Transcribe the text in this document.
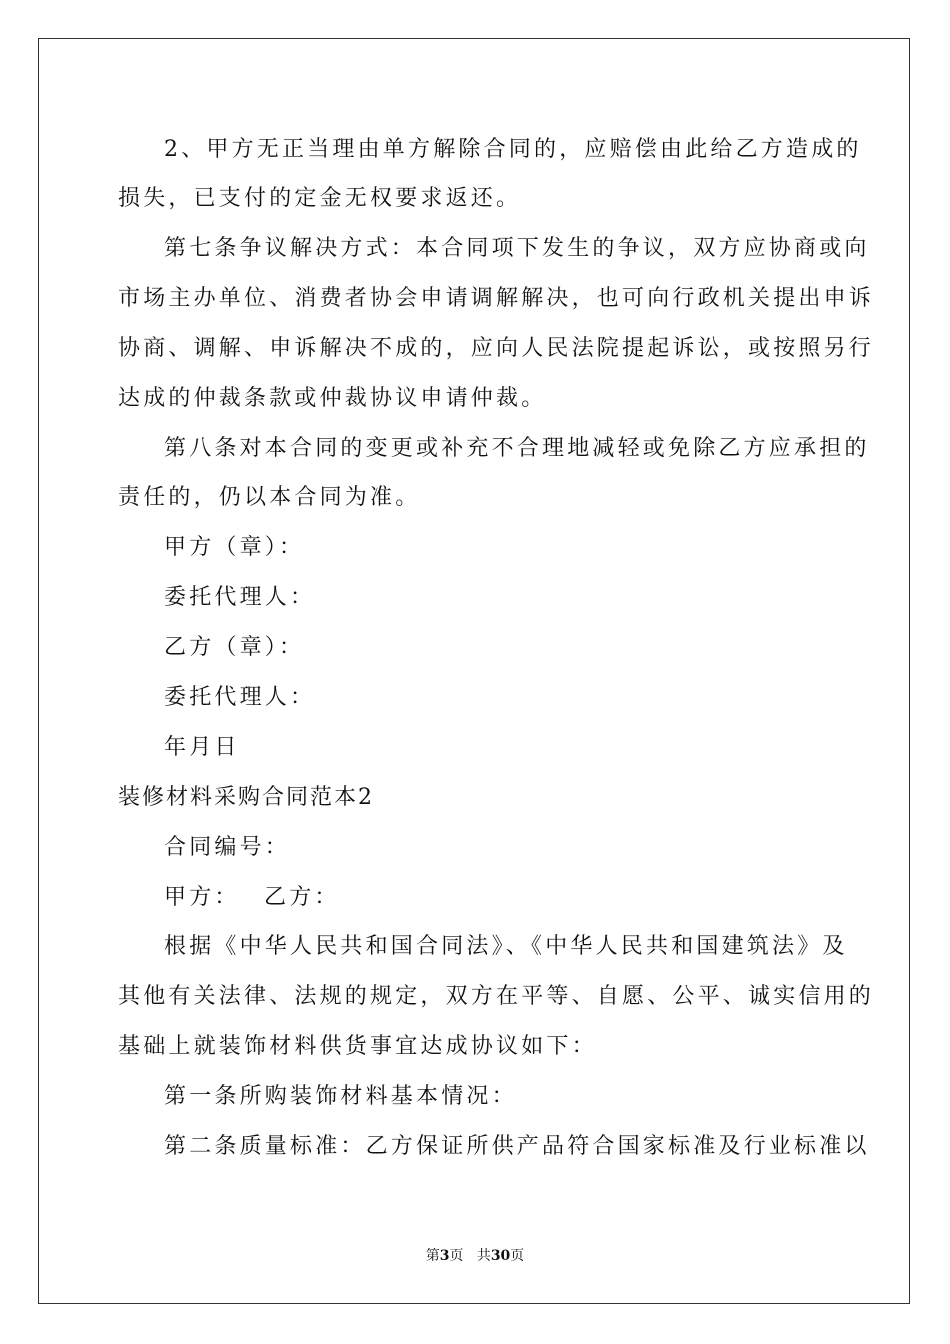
2、甲方无正当理由单方解除合同的，应赔偿由此给乙方造成的
损失，已支付的定金无权要求返还。
第七条争议解决方式：本合同项下发生的争议，双方应协商或向
市场主办单位、消费者协会申请调解解决，也可向行政机关提出申诉
协商、调解、申诉解决不成的，应向人民法院提起诉讼，或按照另行
达成的仲裁条款或仲裁协议申请仲裁。
第八条对本合同的变更或补充不合理地减轻或免除乙方应承担的
责任的，仍以本合同为准。
甲方（章）：
委托代理人：
乙方（章）：
委托代理人：
年月日
装修材料采购合同范本2
合同编号：
甲方：　 乙方：
根据《中华人民共和国合同法》、《中华人民共和国建筑法》及
其他有关法律、法规的规定，双方在平等、自愿、公平、诚实信用的
基础上就装饰材料供货事宜达成协议如下：
第一条所购装饰材料基本情况：
第二条质量标准：乙方保证所供产品符合国家标准及行业标准以
第3页 共30页
